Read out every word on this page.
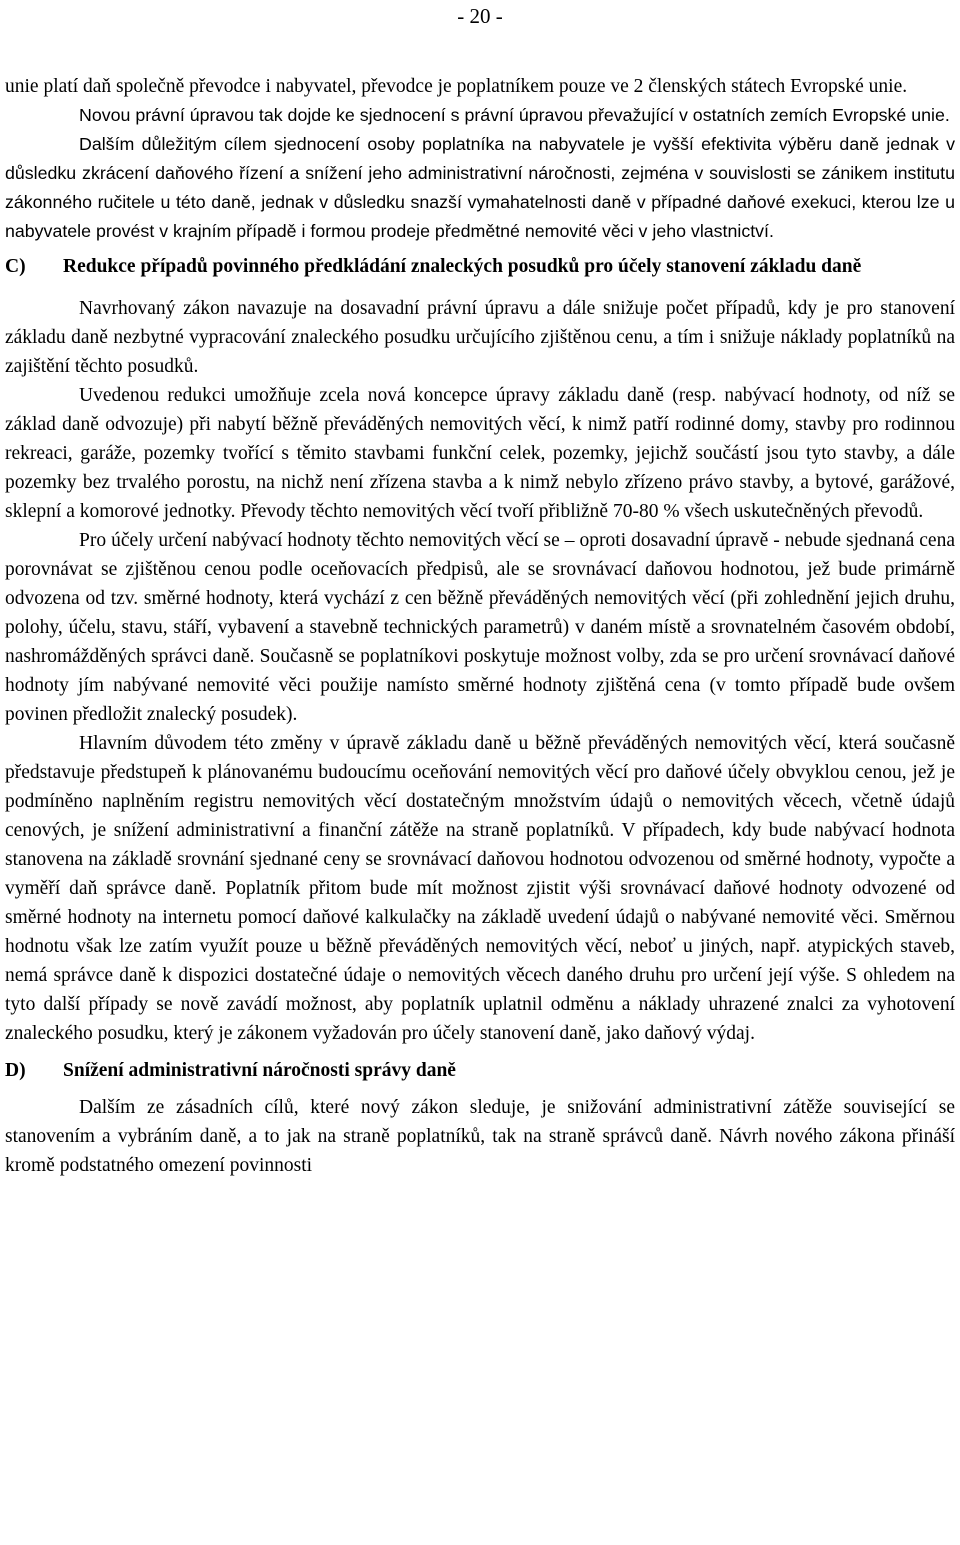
- 20 -

unie platí daň společně převodce i nabyvatel, převodce je poplatníkem pouze ve 2 členských státech Evropské unie.

Novou právní úpravou tak dojde ke sjednocení s právní úpravou převažující v ostatních zemích Evropské unie.

Dalším důležitým cílem sjednocení osoby poplatníka na nabyvatele je vyšší efektivita výběru daně jednak v důsledku zkrácení daňového řízení a snížení jeho administrativní náročnosti, zejména v souvislosti se zánikem institutu zákonného ručitele u této daně, jednak v důsledku snazší vymahatelnosti daně v případné daňové exekuci, kterou lze u nabyvatele provést v krajním případě i formou prodeje předmětné nemovité věci v jeho vlastnictví.

C)	Redukce případů povinného předkládání znaleckých posudků pro účely stanovení základu daně

Navrhovaný zákon navazuje na dosavadní právní úpravu a dále snižuje počet případů, kdy je pro stanovení základu daně nezbytné vypracování znaleckého posudku určujícího zjištěnou cenu, a tím i snižuje náklady poplatníků na zajištění těchto posudků.

Uvedenou redukci umožňuje zcela nová koncepce úpravy základu daně (resp. nabývací hodnoty, od níž se základ daně odvozuje) při nabytí běžně převáděných nemovitých věcí, k nimž patří rodinné domy, stavby pro rodinnou rekreaci, garáže, pozemky tvořící s těmito stavbami funkční celek, pozemky, jejichž součástí jsou tyto stavby, a dále pozemky bez trvalého porostu, na nichž není zřízena stavba a k nimž nebylo zřízeno právo stavby, a bytové, garážové, sklepní a komorové jednotky. Převody těchto nemovitých věcí tvoří přibližně 70-80 % všech uskutečněných převodů.

Pro účely určení nabývací hodnoty těchto nemovitých věcí se – oproti dosavadní úpravě - nebude sjednaná cena porovnávat se zjištěnou cenou podle oceňovacích předpisů, ale se srovnávací daňovou hodnotou, jež bude primárně odvozena od tzv. směrné hodnoty, která vychází z cen běžně převáděných nemovitých věcí (při zohlednění jejich druhu, polohy, účelu, stavu, stáří, vybavení a stavebně technických parametrů) v daném místě a srovnatelném časovém období, nashromážděných správci daně. Současně se poplatníkovi poskytuje možnost volby, zda se pro určení srovnávací daňové hodnoty jím nabývané nemovité věci použije namísto směrné hodnoty zjištěná cena (v tomto případě bude ovšem povinen předložit znalecký posudek).

Hlavním důvodem této změny v úpravě základu daně u běžně převáděných nemovitých věcí, která současně představuje předstupeň k plánovanému budoucímu oceňování nemovitých věcí pro daňové účely obvyklou cenou, jež je podmíněno naplněním registru nemovitých věcí dostatečným množstvím údajů o nemovitých věcech, včetně údajů cenových, je snížení administrativní a finanční zátěže na straně poplatníků. V případech, kdy bude nabývací hodnota stanovena na základě srovnání sjednané ceny se srovnávací daňovou hodnotou odvozenou od směrné hodnoty, vypočte a vyměří daň správce daně. Poplatník přitom bude mít možnost zjistit výši srovnávací daňové hodnoty odvozené od směrné hodnoty na internetu pomocí daňové kalkulačky na základě uvedení údajů o nabývané nemovité věci. Směrnou hodnotu však lze zatím využít pouze u běžně převáděných nemovitých věcí, neboť u jiných, např. atypických staveb, nemá správce daně k dispozici dostatečné údaje o nemovitých věcech daného druhu pro určení její výše. S ohledem na tyto další případy se nově zavádí možnost, aby poplatník uplatnil odměnu a náklady uhrazené znalci za vyhotovení znaleckého posudku, který je zákonem vyžadován pro účely stanovení daně, jako daňový výdaj.

D)	Snížení administrativní náročnosti správy daně

Dalším ze zásadních cílů, které nový zákon sleduje, je snižování administrativní zátěže související se stanovením a vybráním daně, a to jak na straně poplatníků, tak na straně správců daně. Návrh nového zákona přináší kromě podstatného omezení povinnosti
